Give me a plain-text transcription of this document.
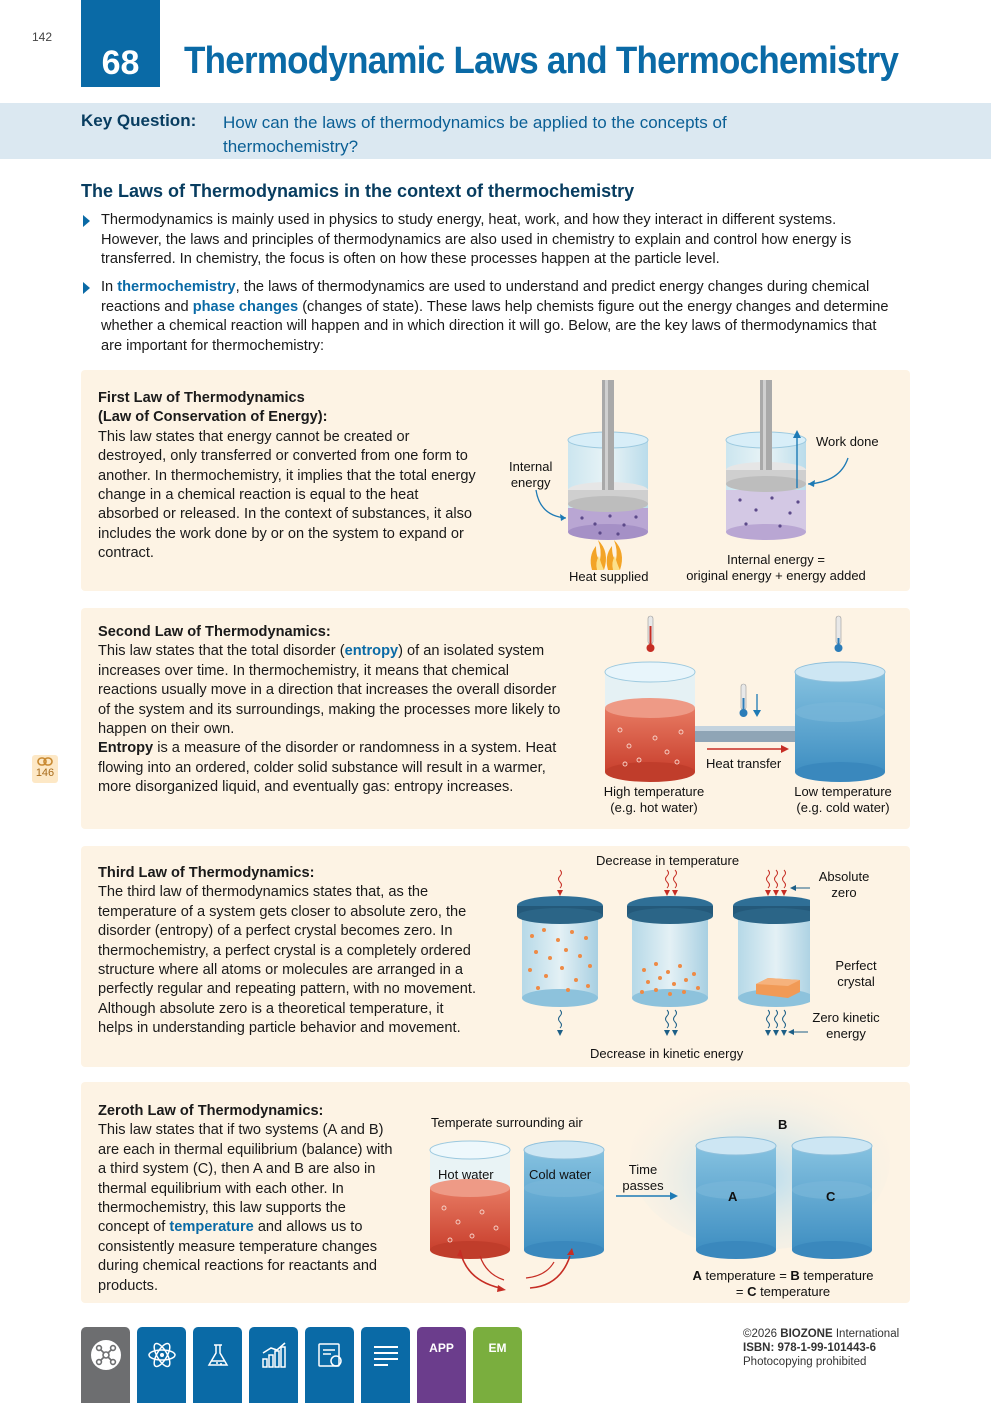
142
68	Thermodynamic Laws and Thermochemistry
Key Question: How can the laws of thermodynamics be applied to the concepts of thermochemistry?
The Laws of Thermodynamics in the context of thermochemistry
Thermodynamics is mainly used in physics to study energy, heat, work, and how they interact in different systems. However, the laws and principles of thermodynamics are also used in chemistry to explain and control how energy is transferred. In chemistry, the focus is often on how these processes happen at the particle level.
In thermochemistry, the laws of thermodynamics are used to understand and predict energy changes during chemical reactions and phase changes (changes of state). These laws help chemists figure out the energy changes and determine whether a chemical reaction will happen and in which direction it will go. Below, are the key laws of thermodynamics that are important for thermochemistry:
146
First Law of Thermodynamics
(Law of Conservation of Energy):
This law states that energy cannot be created or destroyed, only transferred or converted from one form to another. In thermochemistry, it implies that the total energy change in a chemical reaction is equal to the heat absorbed or released. In the context of substances, it also includes the work done by or on the system to expand or contract.
Internal
energy
Heat supplied
Work done
Internal energy =
original energy + energy added
Second Law of Thermodynamics:
This law states that the total disorder (entropy) of an isolated system increases over time. In thermochemistry, it means that chemical reactions usually move in a direction that increases the overall disorder of the system and its surroundings, making the processes more likely to happen on their own.
Entropy is a measure of the disorder or randomness in a system. Heat flowing into an ordered, colder solid substance will result in a warmer, more disorganized liquid, and eventually gas: entropy increases.
Heat transfer
High temperature
(e.g. hot water)
Low temperature
(e.g. cold water)
Third Law of Thermodynamics:
The third law of thermodynamics states that, as the temperature of a system gets closer to absolute zero, the disorder (entropy) of a perfect crystal becomes zero. In thermochemistry, a perfect crystal is a completely ordered structure where all atoms or molecules are arranged in a perfectly regular and repeating pattern, with no movement. Although absolute zero is a theoretical temperature, it helps in understanding particle behavior and movement.
Decrease in temperature
Absolute
zero
Perfect
crystal
Zero kinetic
energy
Decrease in kinetic energy
Zeroth Law of Thermodynamics:
This law states that if two systems (A and B) are each in thermal equilibrium (balance) with a third system (C), then A and B are also in thermal equilibrium with each other. In thermochemistry, this law supports the concept of temperature and allows us to consistently measure temperature changes during chemical reactions for reactants and products.
Temperate surrounding air
Hot water	Cold water	Time
passes
B
A	C
A temperature = B temperature
= C temperature
APP	EM
©2026 BIOZONE International
ISBN: 978-1-99-101443-6
Photocopying prohibited
